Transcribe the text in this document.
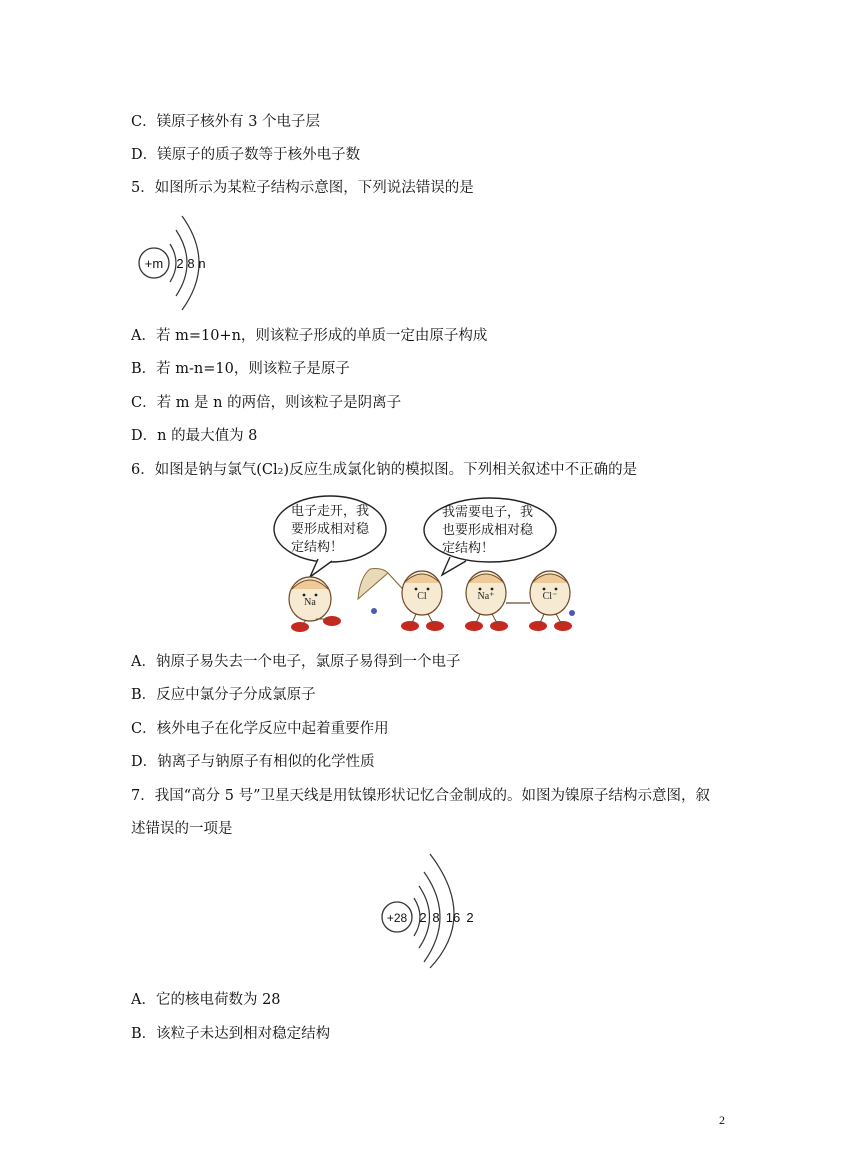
C．镁原子核外有 3 个电子层
D．镁原子的质子数等于核外电子数
5．如图所示为某粒子结构示意图，下列说法错误的是
+m 2 8 n
A．若 m=10+n，则该粒子形成的单质一定由原子构成
B．若 m-n=10，则该粒子是原子
C．若 m 是 n 的两倍，则该粒子是阴离子
D．n 的最大值为 8
6．如图是钠与氯气(Cl₂)反应生成氯化钠的模拟图。下列相关叙述中不正确的是
Na
Cl	Na⁺	Cl⁻
电子走开，我
要形成相对稳
定结构！
我需要电子，我
也要形成相对稳
定结构！
A．钠原子易失去一个电子，氯原子易得到一个电子
B．反应中氯分子分成氯原子
C．核外电子在化学反应中起着重要作用
D．钠离子与钠原子有相似的化学性质
7．我国“高分 5 号”卫星天线是用钛镍形状记忆合金制成的。如图为镍原子结构示意图，叙
述错误的一项是
+28 2 8 16 2
A．它的核电荷数为 28
B．该粒子未达到相对稳定结构
2
